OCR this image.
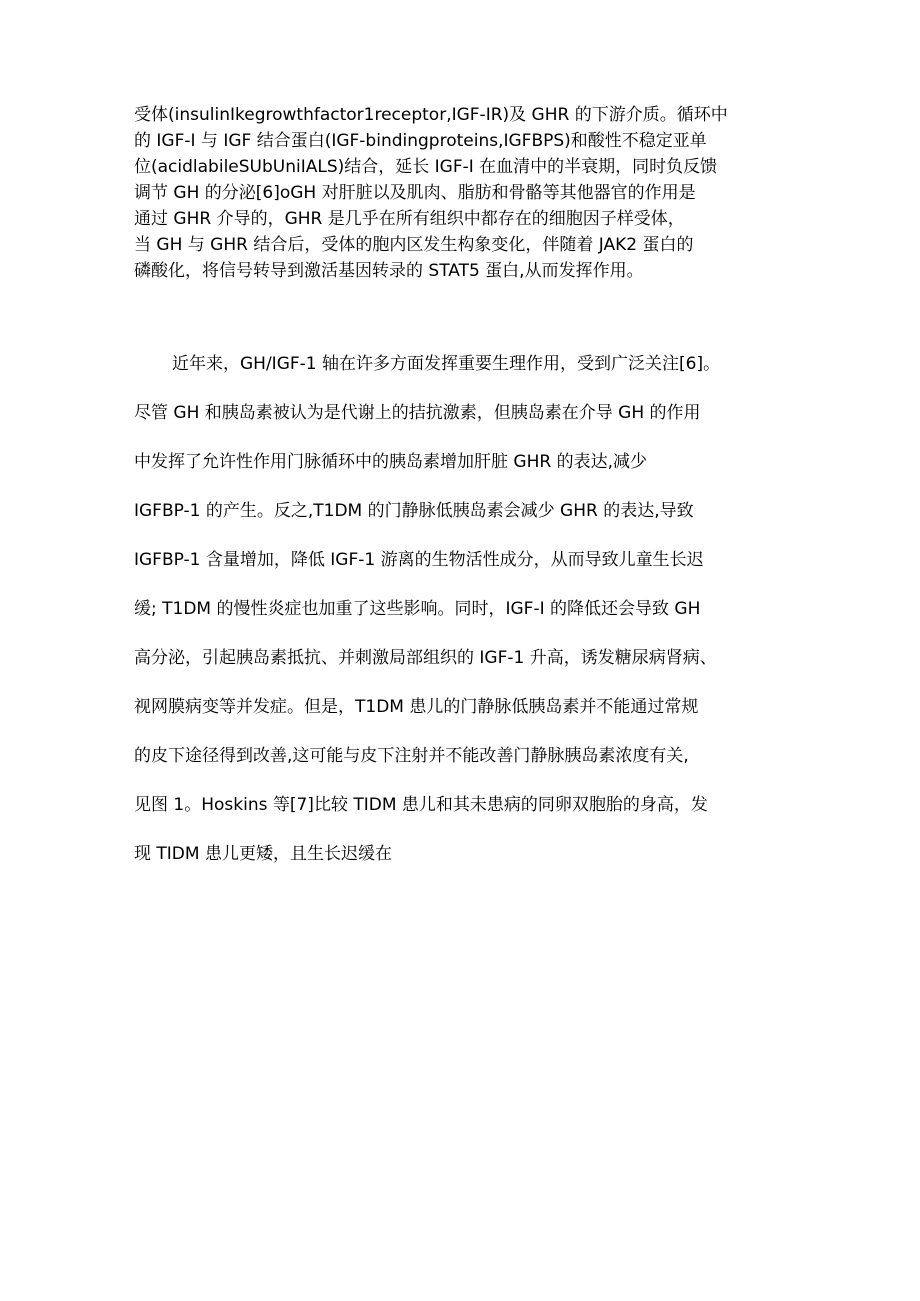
受体(insulinIkegrowthfactor1receptor,IGF-IR)及 GHR 的下游介质。循环中
的 IGF-I 与 IGF 结合蛋白(IGF-bindingproteins,IGFBPS)和酸性不稳定亚单
位(acidlabileSUbUniIALS)结合，延长 IGF-I 在血清中的半衰期，同时负反馈
调节 GH 的分泌[6]oGH 对肝脏以及肌肉、脂肪和骨骼等其他器官的作用是
通过 GHR 介导的，GHR 是几乎在所有组织中都存在的细胞因子样受体，
当 GH 与 GHR 结合后，受体的胞内区发生构象变化，伴随着 JAK2 蛋白的
磷酸化，将信号转导到激活基因转录的 STAT5 蛋白,从而发挥作用。
近年来，GH/IGF-1 轴在许多方面发挥重要生理作用，受到广泛关注[6]。
尽管 GH 和胰岛素被认为是代谢上的拮抗激素，但胰岛素在介导 GH 的作用
中发挥了允许性作用门脉循环中的胰岛素增加肝脏 GHR 的表达,减少
IGFBP-1 的产生。反之,T1DM 的门静脉低胰岛素会减少 GHR 的表达,导致
IGFBP-1 含量增加，降低 IGF-1 游离的生物活性成分，从而导致儿童生长迟
缓; T1DM 的慢性炎症也加重了这些影响。同时，IGF-I 的降低还会导致 GH
高分泌，引起胰岛素抵抗、并刺激局部组织的 IGF-1 升高，诱发糖尿病肾病、
视网膜病变等并发症。但是，T1DM 患儿的门静脉低胰岛素并不能通过常规
的皮下途径得到改善,这可能与皮下注射并不能改善门静脉胰岛素浓度有关,
见图 1。Hoskins 等[7]比较 TIDM 患儿和其未患病的同卵双胞胎的身高，发
现 TIDM 患儿更矮，且生长迟缓在
